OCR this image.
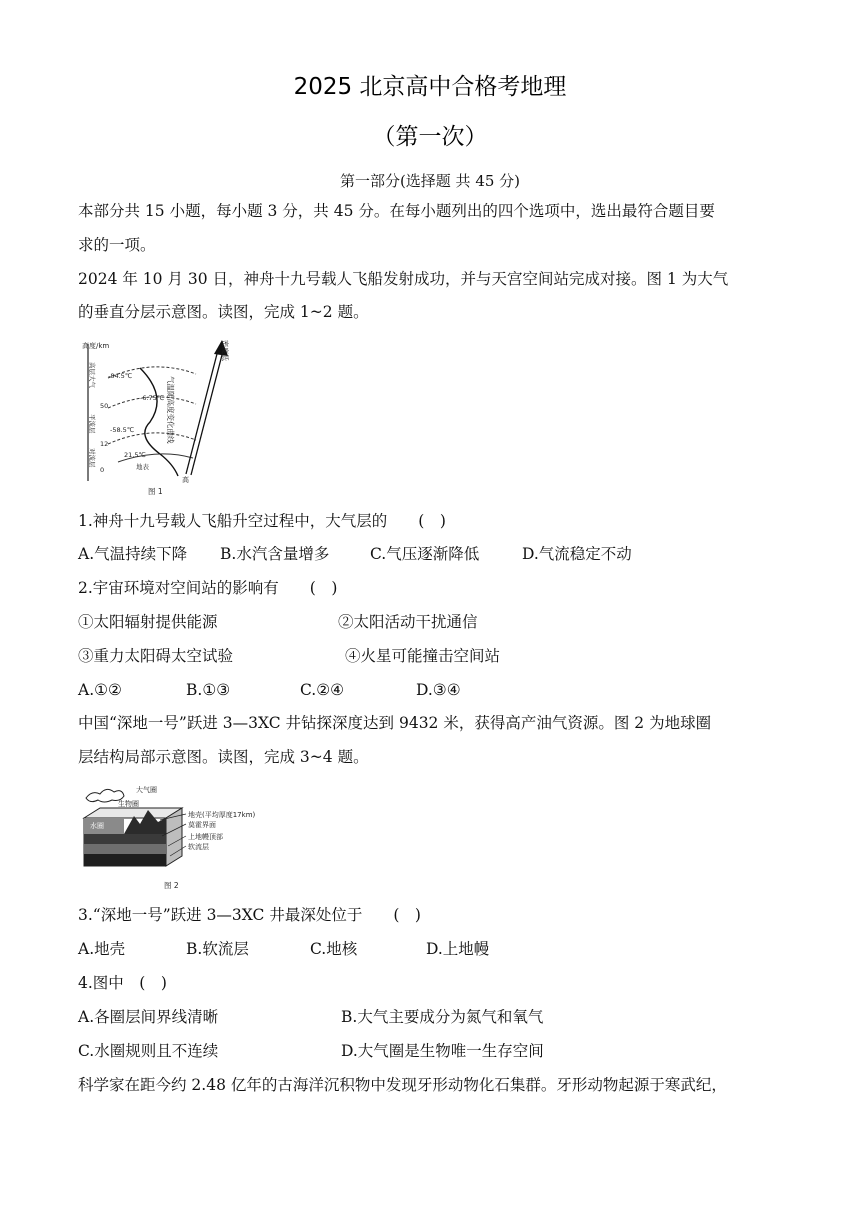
2025 北京高中合格考地理
（第一次）
第一部分(选择题 共 45 分)
本部分共 15 小题，每小题 3 分，共 45 分。在每小题列出的四个选项中，选出最符合题目要
求的一项。
2024 年 10 月 30 日，神舟十九号载人飞船发射成功，并与天宫空间站完成对接。图 1 为大气
的垂直分层示意图。读图，完成 1~2 题。
高度/km
高层大气
平流层
对流层
50
12
0
-84.5℃
-6.75℃
-58.5℃
21.5℃
地表
气温随高度变化曲线
密度低
高
图 1
1.神舟十九号载人飞船升空过程中，大气层的　　(　)
A.气温持续下降 B.水汽含量增多	C.气压逐渐降低	D.气流稳定不动
2.宇宙环境对空间站的影响有　　(　)
①太阳辐射提供能源	②太阳活动干扰通信
③重力太阳碍太空试验	④火星可能撞击空间站
A.①②	B.①③	C.②④	D.③④
中国“深地一号”跃进 3—3XC 井钻探深度达到 9432 米，获得高产油气资源。图 2 为地球圈
层结构局部示意图。读图，完成 3~4 题。
大气圈
生物圈
水圈
地壳(平均厚度17km)
莫霍界面
上地幔顶部
软流层
图 2
3.“深地一号”跃进 3—3XC 井最深处位于　　(　)
A.地壳	B.软流层	C.地核	D.上地幔
4.图中　(　)
A.各圈层间界线清晰	B.大气主要成分为氮气和氧气
C.水圈规则且不连续	D.大气圈是生物唯一生存空间
科学家在距今约 2.48 亿年的古海洋沉积物中发现牙形动物化石集群。牙形动物起源于寒武纪，
